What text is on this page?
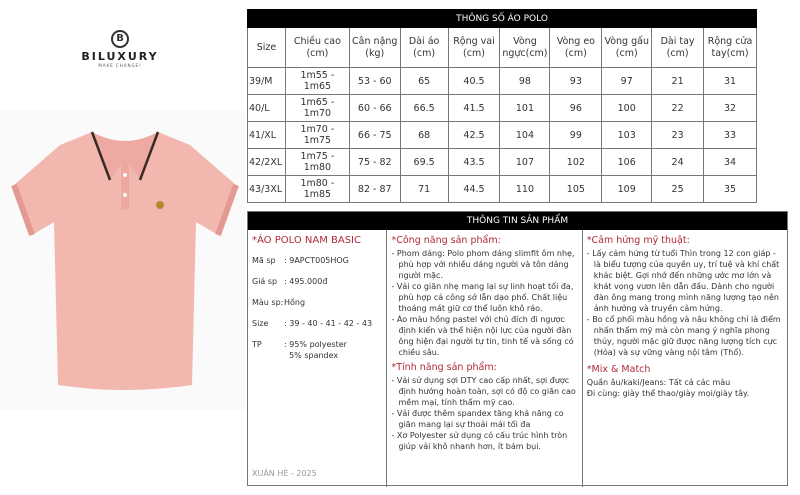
B
BILUXURY
MAKE CHANGE!
THÔNG SỐ ÁO POLO									
Size	Chiều cao (cm)	Cân nặng (kg)	Dài áo (cm)	Rộng vai (cm)	Vòng ngực(cm)	Vòng eo (cm)	Vòng gấu (cm)	Dài tay (cm)	Rộng cửa tay(cm)
39/M	1m55 - 1m65	53 - 60	65	40.5	98	93	97	21	31
40/L	1m65 - 1m70	60 - 66	66.5	41.5	101	96	100	22	32
41/XL	1m70 - 1m75	66 - 75	68	42.5	104	99	103	23	33
42/2XL	1m75 - 1m80	75 - 82	69.5	43.5	107	102	106	24	34
43/3XL	1m80 - 1m85	82 - 87	71	44.5	110	105	109	25	35
THÔNG TIN SẢN PHẨM
*ÁO POLO NAM BASIC
Mã sp	: 9APCT005HOG
Giá sp : 495.000đ
Màu sp: Hồng
Size	: 39 - 40 - 41 - 42 - 43
TP	: 95% polyester
5% spandex
XUÂN HÈ - 2025
*Công năng sản phẩm:
- Phom dáng: Polo phom dáng slimfit ôm nhẹ, phù hợp với nhiều dáng người và tôn dáng người mặc.
- Vải co giãn nhẹ mang lại sự linh hoạt tối đa, phù hợp cả công sở lẫn dạo phố. Chất liệu thoáng mát giữ cơ thể luôn khô ráo.
- Áo màu hồng pastel với chủ đích đi ngược định kiến và thể hiện nội lực của người đàn ông hiện đại người tự tin, tinh tế và sống có chiều sâu.
*Tính năng sản phẩm:
- Vải sử dụng sợi DTY cao cấp nhất, sợi được định hướng hoàn toàn, sợi có độ co giãn cao mềm mại, tính thẩm mỹ cao.
- Vải được thêm spandex tăng khả năng co giãn mang lại sự thoải mái tối đa
- Xơ Polyester sử dụng có cấu trúc hình tròn giúp vải khô nhanh hơn, ít bám bụi.
*Cảm hứng mỹ thuật:
- Lấy cảm hứng từ tuổi Thìn trong 12 con giáp - là biểu tượng của quyền uy, trí tuệ và khí chất khác biệt. Gợi nhớ đến những ước mơ lớn và khát vọng vươn lên dẫn đầu. Dành cho người đàn ông mang trong mình năng lượng tạo nên ảnh hưởng và truyền cảm hứng.
- Bo cổ phối màu hồng và nâu không chỉ là điểm nhấn thẩm mỹ mà còn mang ý nghĩa phong thủy, người mặc giữ được năng lượng tích cực (Hỏa) và sự vững vàng nội tâm (Thổ).
*Mix & Match
Quần âu/kaki/Jeans: Tất cả các màu
Đi cùng: giày thể thao/giày mọi/giày tây.
